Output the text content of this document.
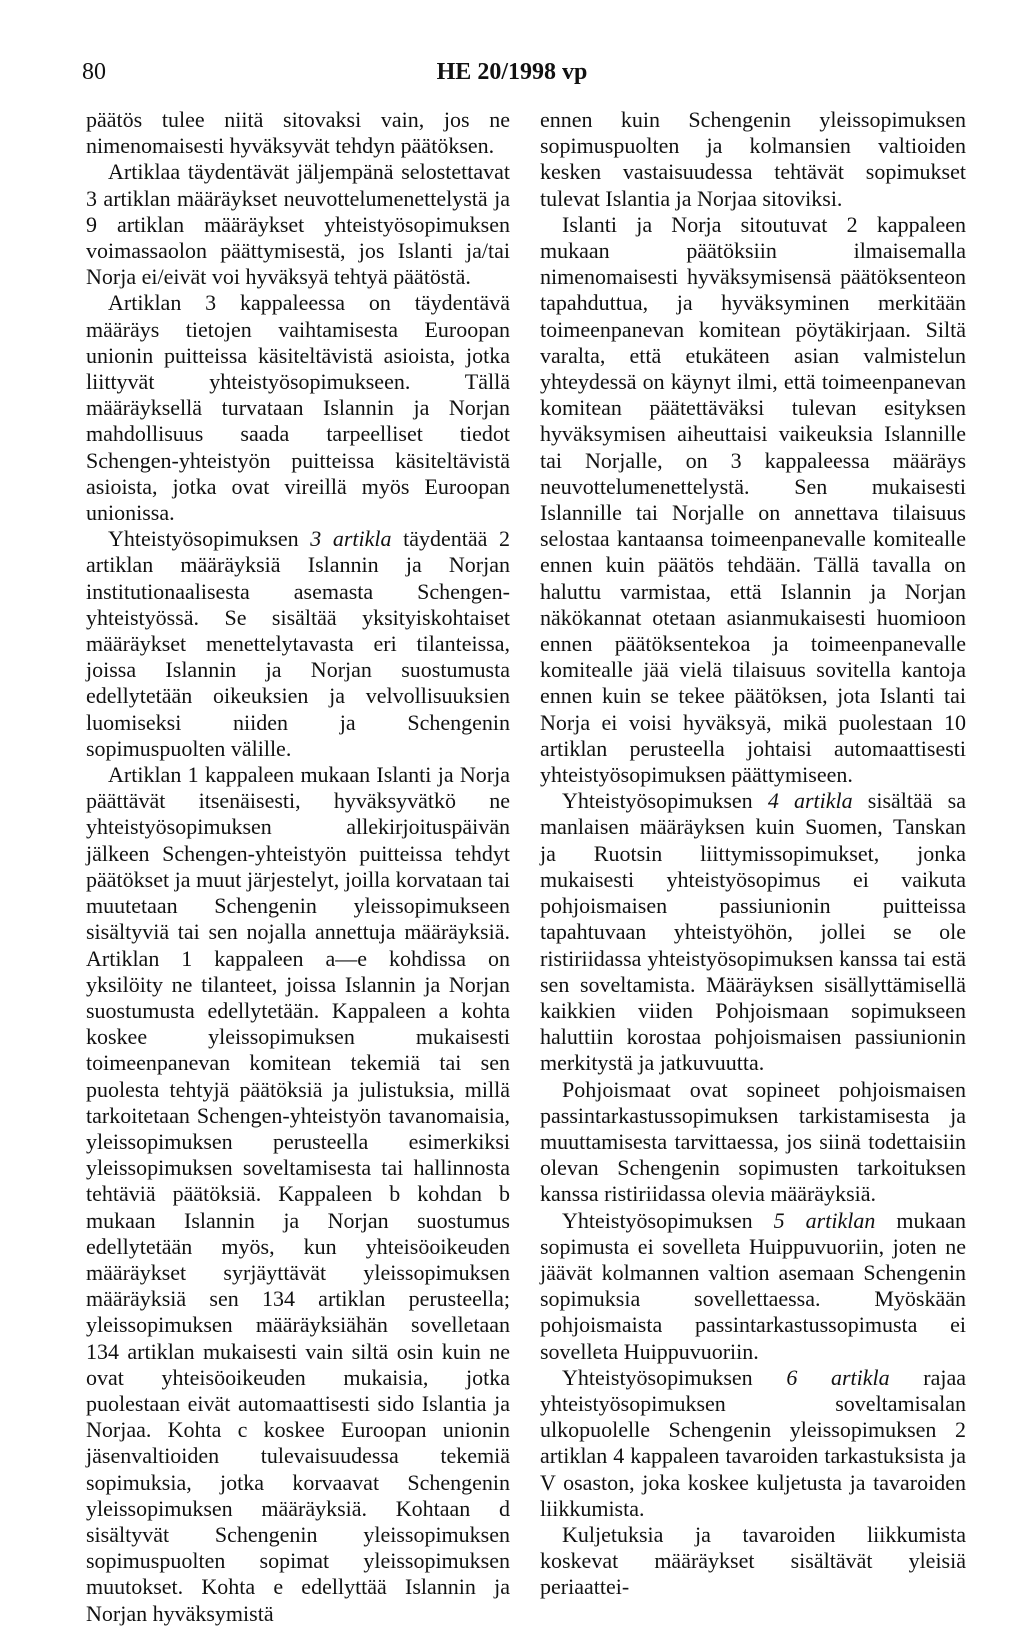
80	HE 20/1998 vp

päätös tulee niitä sitovaksi vain, jos ne nimenomaisesti hyväksyvät tehdyn päätöksen.

Artiklaa täydentävät jäljempänä selostettavat 3 artiklan määräykset neuvottelumenettelystä ja 9 artiklan määräykset yhteistyösopimuksen voimassaolon päättymisestä, jos Islanti ja/tai Norja ei/eivät voi hyväksyä tehtyä päätöstä.

Artiklan 3 kappaleessa on täydentävä määräys tietojen vaihtamisesta Euroopan unionin puitteissa käsiteltävistä asioista, jotka liittyvät yhteistyösopimukseen. Tällä määräyksellä turvataan Islannin ja Norjan mahdollisuus saada tarpeelliset tiedot Schengen-yhteistyön puitteissa käsiteltävistä asioista, jotka ovat vireillä myös Euroopan unionissa.

Yhteistyösopimuksen 3 artikla täydentää 2 artiklan määräyksiä Islannin ja Norjan institutionaalisesta asemasta Schengen-yhteistyössä. Se sisältää yksityiskohtaiset määräykset menettelytavasta eri tilanteissa, joissa Islannin ja Norjan suostumusta edellytetään oikeuksien ja velvollisuuksien luomiseksi niiden ja Schengenin sopimuspuolten välille.

Artiklan 1 kappaleen mukaan Islanti ja Norja päättävät itsenäisesti, hyväksyvätkö ne yhteistyösopimuksen allekirjoituspäivän jälkeen Schengen-yhteistyön puitteissa tehdyt päätökset ja muut järjestelyt, joilla korvataan tai muutetaan Schengenin yleissopimukseen sisältyviä tai sen nojalla annettuja määräyksiä. Artiklan 1 kappaleen a—e kohdissa on yksilöity ne tilanteet, joissa Islannin ja Norjan suostumusta edellytetään. Kappaleen a kohta koskee yleissopimuksen mukaisesti toimeenpanevan komitean tekemiä tai sen puolesta tehtyjä päätöksiä ja julistuksia, millä tarkoitetaan Schengen-yhteistyön tavanomaisia, yleissopimuksen perusteella esimerkiksi yleissopimuksen soveltamisesta tai hallinnosta tehtäviä päätöksiä. Kappaleen b kohdan b mukaan Islannin ja Norjan suostumus edellytetään myös, kun yhteisöoikeuden määräykset syrjäyttävät yleissopimuksen määräyksiä sen 134 artiklan perusteella; yleissopimuksen määräyksiähän sovelletaan 134 artiklan mukaisesti vain siltä osin kuin ne ovat yhteisöoikeuden mukaisia, jotka puolestaan eivät automaattisesti sido Islantia ja Norjaa. Kohta c koskee Euroopan unionin jäsenvaltioiden tulevaisuudessa tekemiä sopimuksia, jotka korvaavat Schengenin yleissopimuksen määräyksiä. Kohtaan d sisältyvät Schengenin yleissopimuksen sopimuspuolten sopimat yleissopimuksen muutokset. Kohta e edellyttää Islannin ja Norjan hyväksymistä

ennen kuin Schengenin yleissopimuksen sopimuspuolten ja kolmansien valtioiden kesken vastaisuudessa tehtävät sopimukset tulevat Islantia ja Norjaa sitoviksi.

Islanti ja Norja sitoutuvat 2 kappaleen mukaan päätöksiin ilmaisemalla nimenomaisesti hyväksymisensä päätöksenteon tapahduttua, ja hyväksyminen merkitään toimeenpanevan komitean pöytäkirjaan. Siltä varalta, että etukäteen asian valmistelun yhteydessä on käynyt ilmi, että toimeenpanevan komitean päätettäväksi tulevan esityksen hyväksymisen aiheuttaisi vaikeuksia Islannille tai Norjalle, on 3 kappaleessa määräys neuvottelumenettelystä. Sen mukaisesti Islannille tai Norjalle on annettava tilaisuus selostaa kantaansa toimeenpanevalle komitealle ennen kuin päätös tehdään. Tällä tavalla on haluttu varmistaa, että Islannin ja Norjan näkökannat otetaan asianmukaisesti huomioon ennen päätöksentekoa ja toimeenpanevalle komitealle jää vielä tilaisuus sovitella kantoja ennen kuin se tekee päätöksen, jota Islanti tai Norja ei voisi hyväksyä, mikä puolestaan 10 artiklan perusteella johtaisi automaattisesti yhteistyösopimuksen päättymiseen.

Yhteistyösopimuksen 4 artikla sisältää sa manlaisen määräyksen kuin Suomen, Tanskan ja Ruotsin liittymissopimukset, jonka mukaisesti yhteistyösopimus ei vaikuta pohjoismaisen passiunionin puitteissa tapahtuvaan yhteistyöhön, jollei se ole ristiriidassa yhteistyösopimuksen kanssa tai estä sen soveltamista. Määräyksen sisällyttämisellä kaikkien viiden Pohjoismaan sopimukseen haluttiin korostaa pohjoismaisen passiunionin merkitystä ja jatkuvuutta.

Pohjoismaat ovat sopineet pohjoismaisen passintarkastussopimuksen tarkistamisesta ja muuttamisesta tarvittaessa, jos siinä todettaisiin olevan Schengenin sopimusten tarkoituksen kanssa ristiriidassa olevia määräyksiä.

Yhteistyösopimuksen 5 artiklan mukaan sopimusta ei sovelleta Huippuvuoriin, joten ne jäävät kolmannen valtion asemaan Schengenin sopimuksia sovellettaessa. Myöskään pohjoismaista passintarkastussopimusta ei sovelleta Huippuvuoriin.

Yhteistyösopimuksen 6 artikla rajaa yhteistyösopimuksen soveltamisalan ulkopuolelle Schengenin yleissopimuksen 2 artiklan 4 kappaleen tavaroiden tarkastuksista ja V osaston, joka koskee kuljetusta ja tavaroiden liikkumista.

Kuljetuksia ja tavaroiden liikkumista koskevat määräykset sisältävät yleisiä periaattei-
